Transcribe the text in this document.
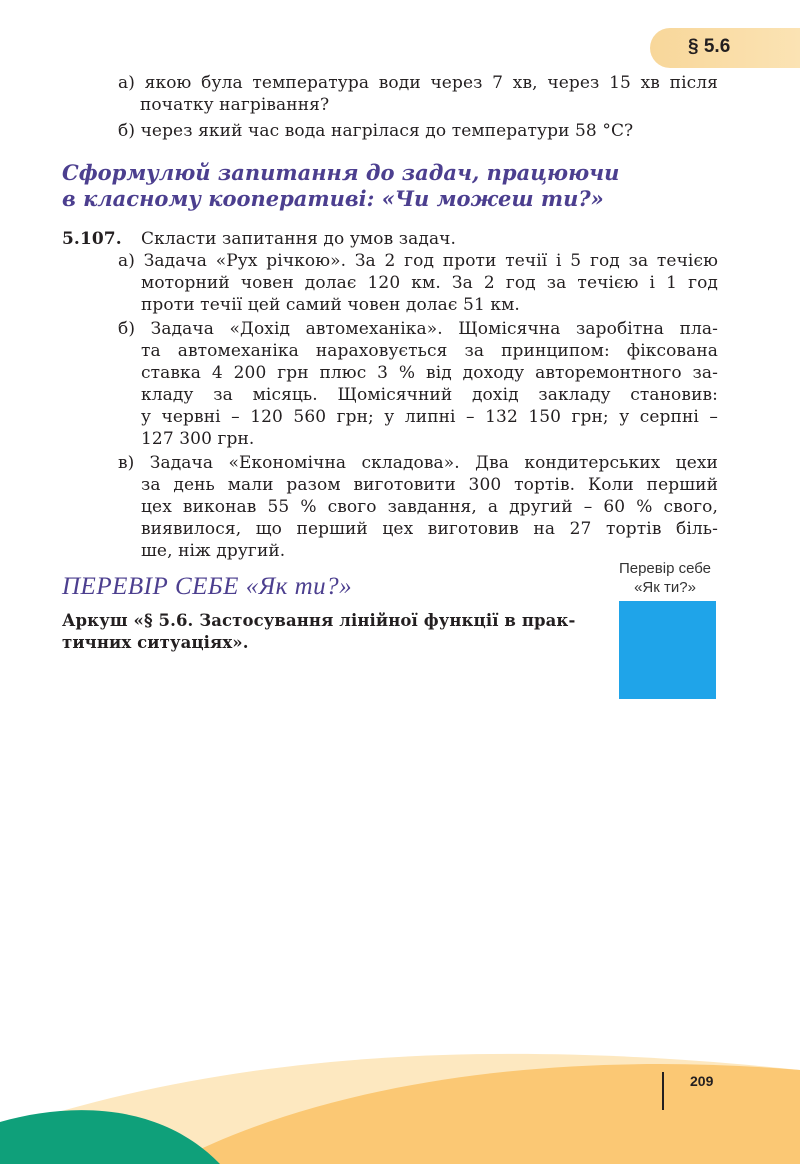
§ 5.6
а) якою була температура води через 7 хв, через 15 хв після
початку нагрівання?
б) через який час вода нагрілася до температури 58 °C?
Сформулюй запитання до задач, працюючи
в класному кооперативі: «Чи можеш ти?»
5.107. Скласти запитання до умов задач.
а) Задача «Рух річкою». За 2 год проти течії і 5 год за течією
моторний човен долає 120 км. За 2 год за течією і 1 год
проти течії цей самий човен долає 51 км.
б) Задача «Дохід автомеханіка». Щомісячна заробітна пла-
та автомеханіка нараховується за принципом: фіксована
ставка 4 200 грн плюс 3 % від доходу авторемонтного за-
кладу за місяць. Щомісячний дохід закладу становив:
у червні – 120 560 грн; у липні – 132 150 грн; у серпні –
127 300 грн.
в) Задача «Економічна складова». Два кондитерських цехи
за день мали разом виготовити 300 тортів. Коли перший
цех виконав 55 % свого завдання, а другий – 60 % свого,
виявилося, що перший цех виготовив на 27 тортів біль-
ше, ніж другий.
ПЕРЕВІР СЕБЕ «Як ти?»
Аркуш «§ 5.6. Застосування лінійної функції в прак-
тичних ситуаціях».
Перевір себе
«Як ти?»
209
